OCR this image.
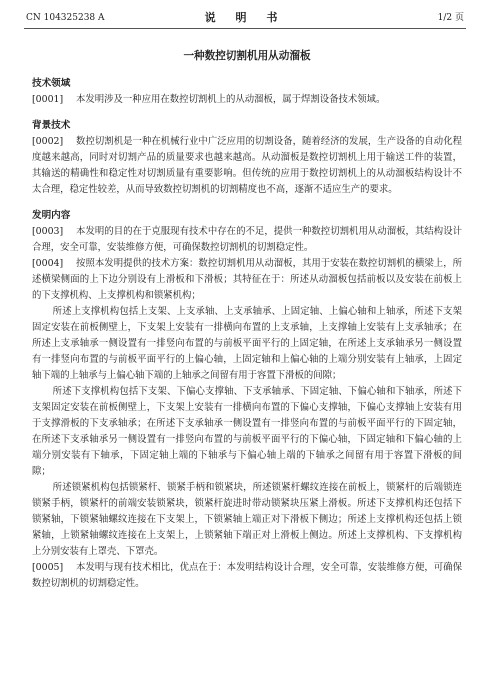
CN 104325238 A	说 明 书	1/2 页
一种数控切割机用从动溜板
技术领域

[0001] 本发明涉及一种应用在数控切割机上的从动溜板，属于焊割设备技术领域。

背景技术

[0002] 数控切割机是一种在机械行业中广泛应用的切割设备，随着经济的发展，生产设备的自动化程度越来越高，同时对切割产品的质量要求也越来越高。从动溜板是数控切割机上用于输送工件的装置，其输送的精确性和稳定性对切割质量有重要影响。但传统的应用于数控切割机上的从动溜板结构设计不太合理，稳定性较差，从而导致数控切割机的切割精度也不高，逐渐不适应生产的要求。

发明内容

[0003] 本发明的目的在于克服现有技术中存在的不足，提供一种数控切割机用从动溜板，其结构设计合理，安全可靠，安装维修方便，可确保数控切割机的切割稳定性。

[0004] 按照本发明提供的技术方案：数控切割机用从动溜板，其用于安装在数控切割机的横梁上，所述横梁侧面的上下边分别设有上滑板和下滑板；其特征在于：所述从动溜板包括前板以及安装在前板上的下支撑机构、上支撑机构和锁紧机构；

所述上支撑机构包括上支架、上支承轴、上支承轴承、上固定轴、上偏心轴和上轴承，所述下支架固定安装在前板侧壁上，下支架上安装有一排横向布置的上支承轴，上支撑轴上安装有上支承轴承；在所述上支承轴承一侧设置有一排竖向布置的与前板平面平行的上固定轴，在所述上支承轴承另一侧设置有一排竖向布置的与前板平面平行的上偏心轴，上固定轴和上偏心轴的上端分别安装有上轴承，上固定轴下端的上轴承与上偏心轴下端的上轴承之间留有用于容置下滑板的间隙；

所述下支撑机构包括下支架、下偏心支撑轴、下支承轴承、下固定轴、下偏心轴和下轴承，所述下支架固定安装在前板侧壁上，下支架上安装有一排横向布置的下偏心支撑轴，下偏心支撑轴上安装有用于支撑滑板的下支承轴承；在所述下支承轴承一侧设置有一排竖向布置的与前板平面平行的下固定轴，在所述下支承轴承另一侧设置有一排竖向布置的与前板平面平行的下偏心轴，下固定轴和下偏心轴的上端分别安装有下轴承，下固定轴上端的下轴承与下偏心轴上端的下轴承之间留有用于容置下滑板的间隙；

所述锁紧机构包括锁紧杆、锁紧手柄和锁紧块，所述锁紧杆螺纹连接在前板上，锁紧杆的后端锁连锁紧手柄，锁紧杆的前端安装锁紧块，锁紧杆旋进时带动锁紧块压紧上滑板。所述下支撑机构还包括下锁紧轴，下锁紧轴螺纹连接在下支架上，下锁紧轴上端正对下滑板下侧边；所述上支撑机构还包括上锁紧轴，上锁紧轴螺纹连接在上支架上，上锁紧轴下端正对上滑板上侧边。所述上支撑机构、下支撑机构上分别安装有上罩壳、下罩壳。

[0005] 本发明与现有技术相比，优点在于：本发明结构设计合理，安全可靠，安装维修方便，可确保数控切割机的切割稳定性。
